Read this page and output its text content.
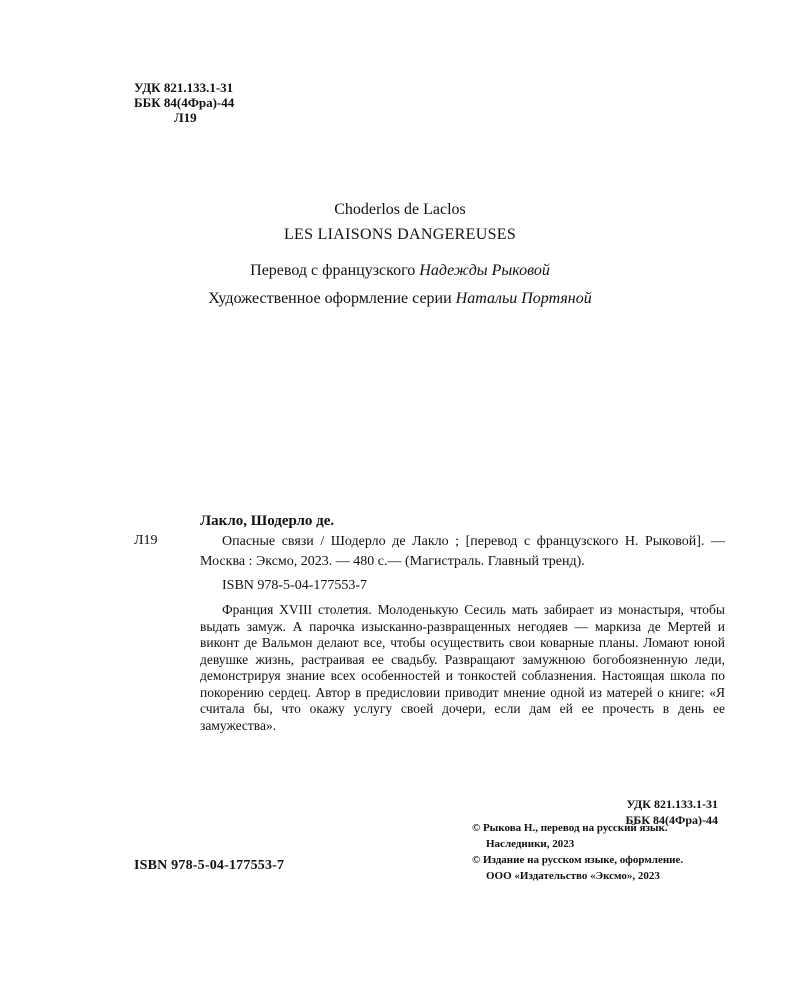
УДК 821.133.1-31
ББК 84(4Фра)-44
Л19
Choderlos de Laclos
LES LIAISONS DANGEREUSES
Перевод с французского Надежды Рыковой
Художественное оформление серии Натальи Портяной
Лакло, Шодерло де.
Л19	Опасные связи / Шодерло де Лакло ; [перевод с французского Н. Рыковой]. — Москва : Эксмо, 2023. — 480 с.— (Магистраль. Главный тренд).

ISBN 978-5-04-177553-7

Франция XVIII столетия. Молоденькую Сесиль мать забирает из монастыря, чтобы выдать замуж. А парочка изысканно-развращенных негодяев — маркиза де Мертей и виконт де Вальмон делают все, чтобы осуществить свои коварные планы. Ломают юной девушке жизнь, растраивая ее свадьбу. Развращают замужнюю богобоязненную леди, демонстрируя знание всех особенностей и тонкостей соблазнения. Настоящая школа по покорению сердец. Автор в предисловии приводит мнение одной из матерей о книге: «Я считала бы, что окажу услугу своей дочери, если дам ей ее прочесть в день ее замужества».

УДК 821.133.1-31
ББК 84(4Фра)-44
ISBN 978-5-04-177553-7
© Рыкова Н., перевод на русский язык.
Наследники, 2023
© Издание на русском языке, оформление.
ООО «Издательство «Эксмо», 2023
